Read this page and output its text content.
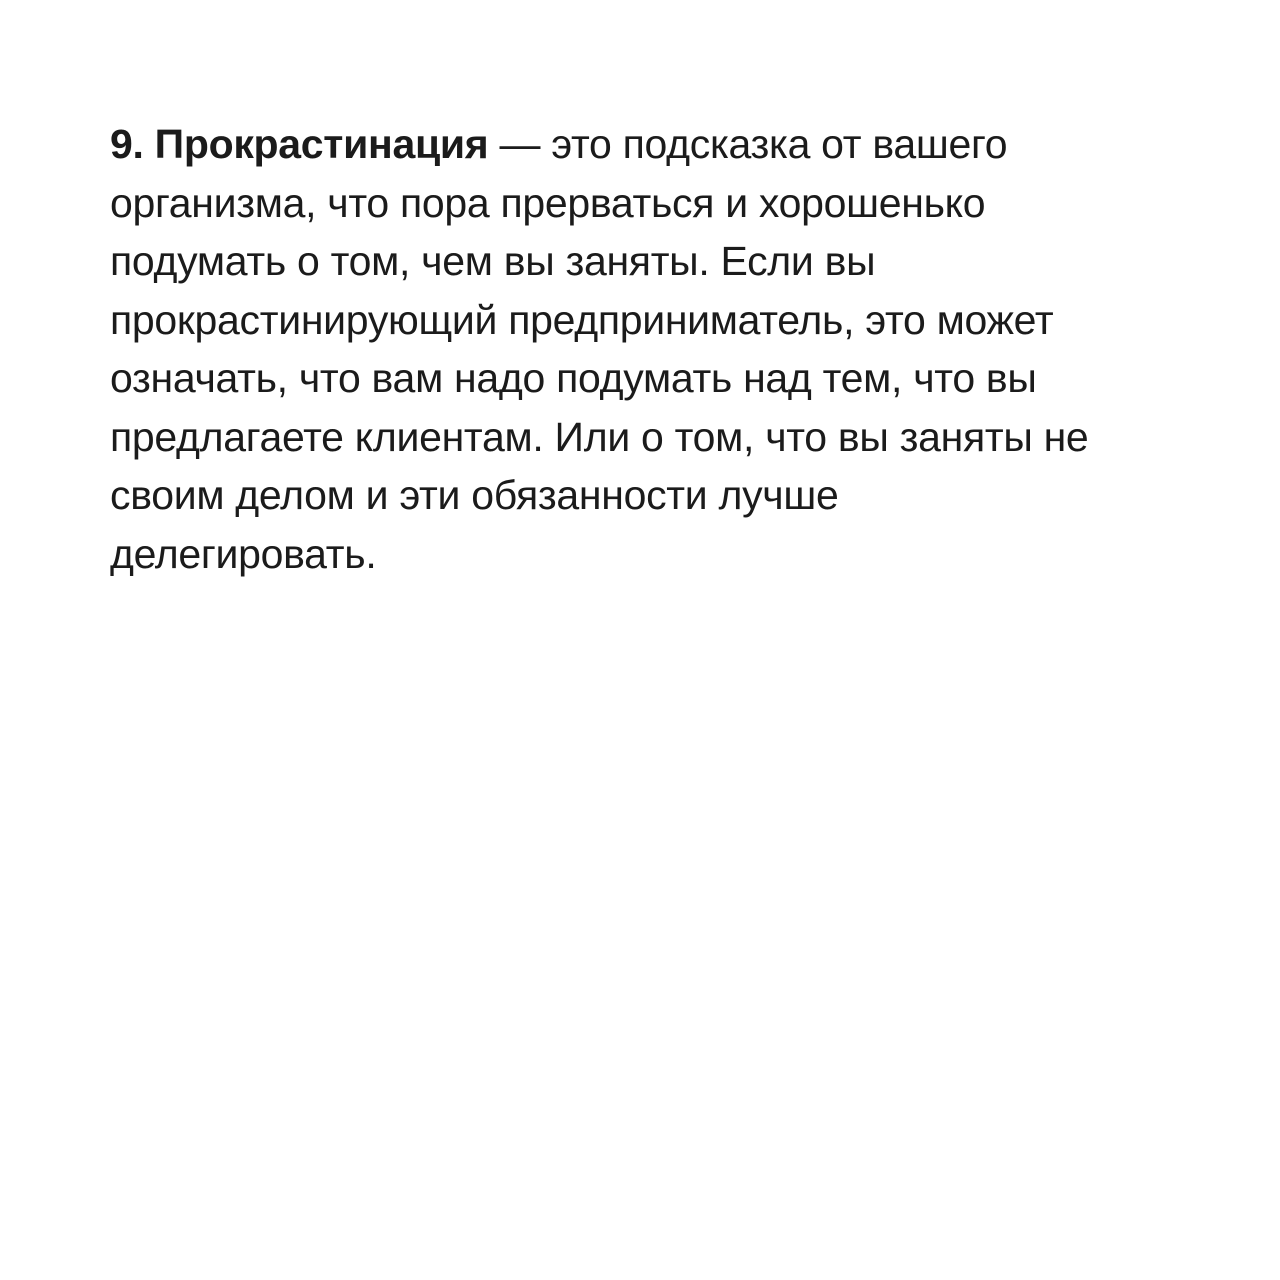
9. Прокрастинация — это подсказка от вашего
организма, что пора прерваться и хорошенько
подумать о том, чем вы заняты. Если вы
прокрастинирующий предприниматель, это может
означать, что вам надо подумать над тем, что вы
предлагаете клиентам. Или о том, что вы заняты не
своим делом и эти обязанности лучше
делегировать.
